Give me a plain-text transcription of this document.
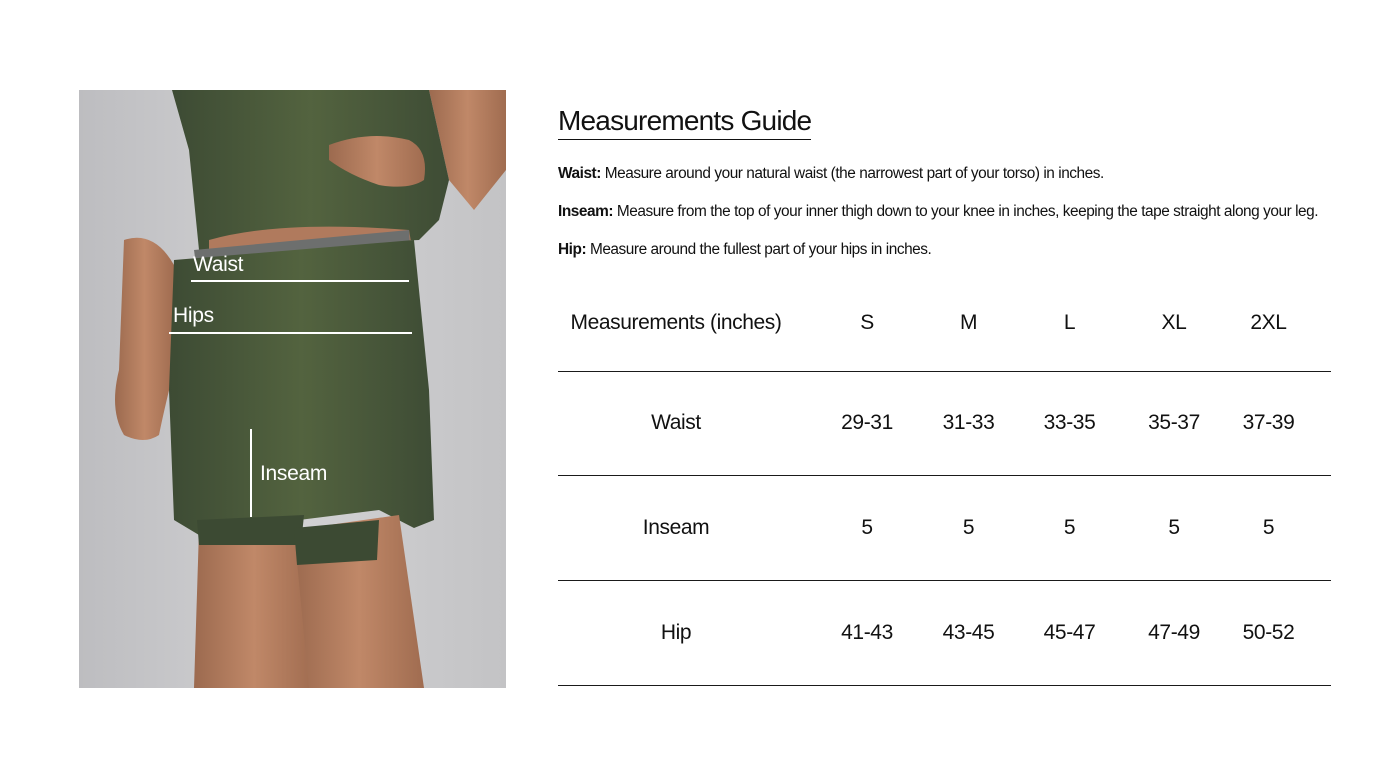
Waist
Hips
Inseam
Measurements Guide
Waist: Measure around your natural waist (the narrowest part of your torso) in inches.
Inseam: Measure from the top of your inner thigh down to your knee in inches, keeping the tape straight along your leg.
Hip: Measure around the fullest part of your hips in inches.
Measurements (inches)	S	M	L	XL	2XL
Waist	29-31	31-33	33-35	35-37	37-39
Inseam	5	5	5	5	5
Hip	41-43	43-45	45-47	47-49	50-52
